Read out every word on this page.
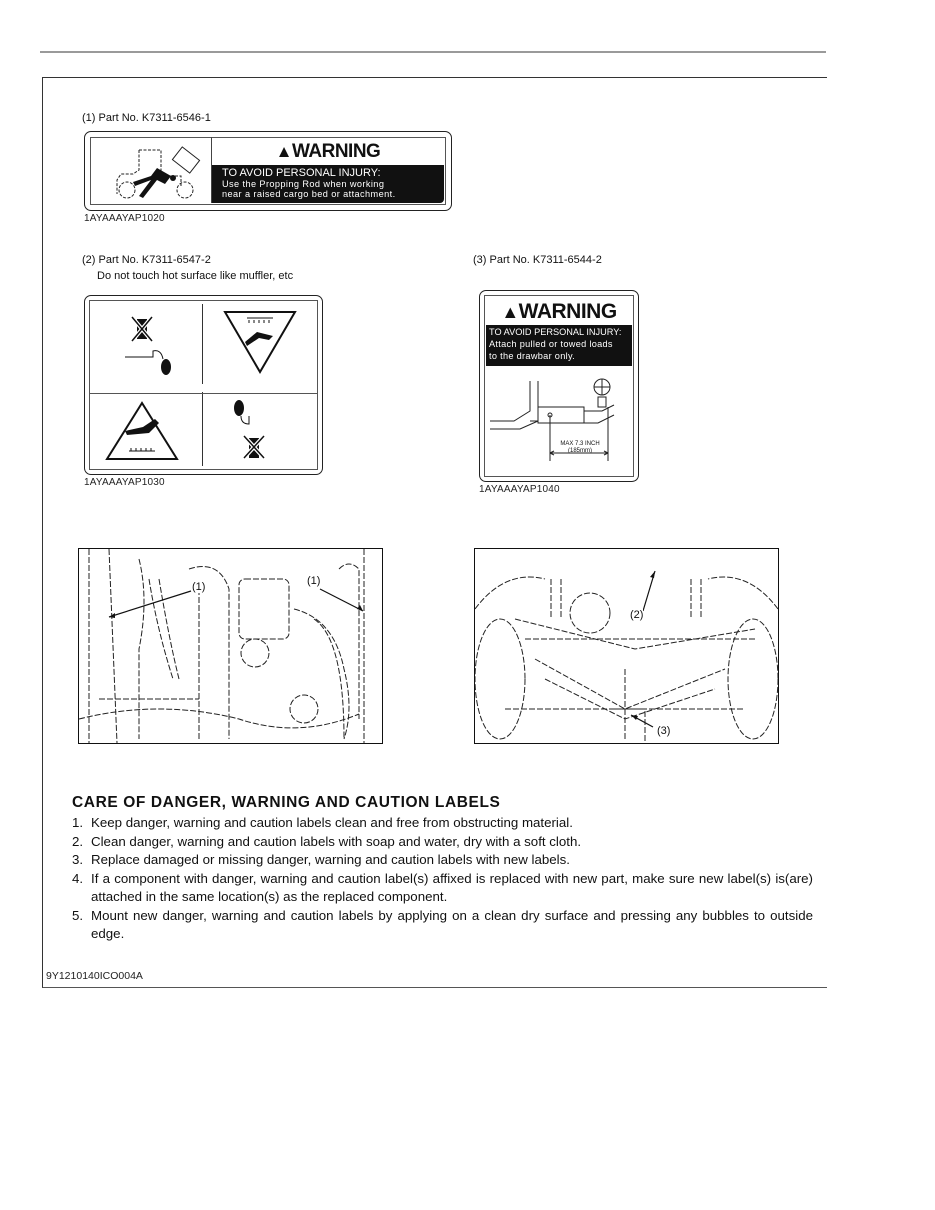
(1) Part No. K7311-6546-1
▲WARNING
TO AVOID PERSONAL INJURY:
Use the Propping Rod when working
near a raised cargo bed or attachment.
1AYAAAYAP1020
(2) Part No. K7311-6547-2
Do not touch hot surface like muffler, etc
1AYAAAYAP1030
(3) Part No. K7311-6544-2
▲WARNING
TO AVOID PERSONAL INJURY:
Attach pulled or towed loads
to the drawbar only.
MAX 7.3 INCH
(185mm)
1AYAAAYAP1040
(1)	(1)
(2)
(3)
CARE OF DANGER, WARNING AND CAUTION LABELS
1. Keep danger, warning and caution labels clean and free from obstructing material.
2. Clean danger, warning and caution labels with soap and water, dry with a soft cloth.
3. Replace damaged or missing danger, warning and caution labels with new labels.
4. If a component with danger, warning and caution label(s) affixed is replaced with new part, make sure new label(s) is(are) attached in the same location(s) as the replaced component.
5. Mount new danger, warning and caution labels by applying on a clean dry surface and pressing any bubbles to outside edge.
9Y1210140ICO004A
